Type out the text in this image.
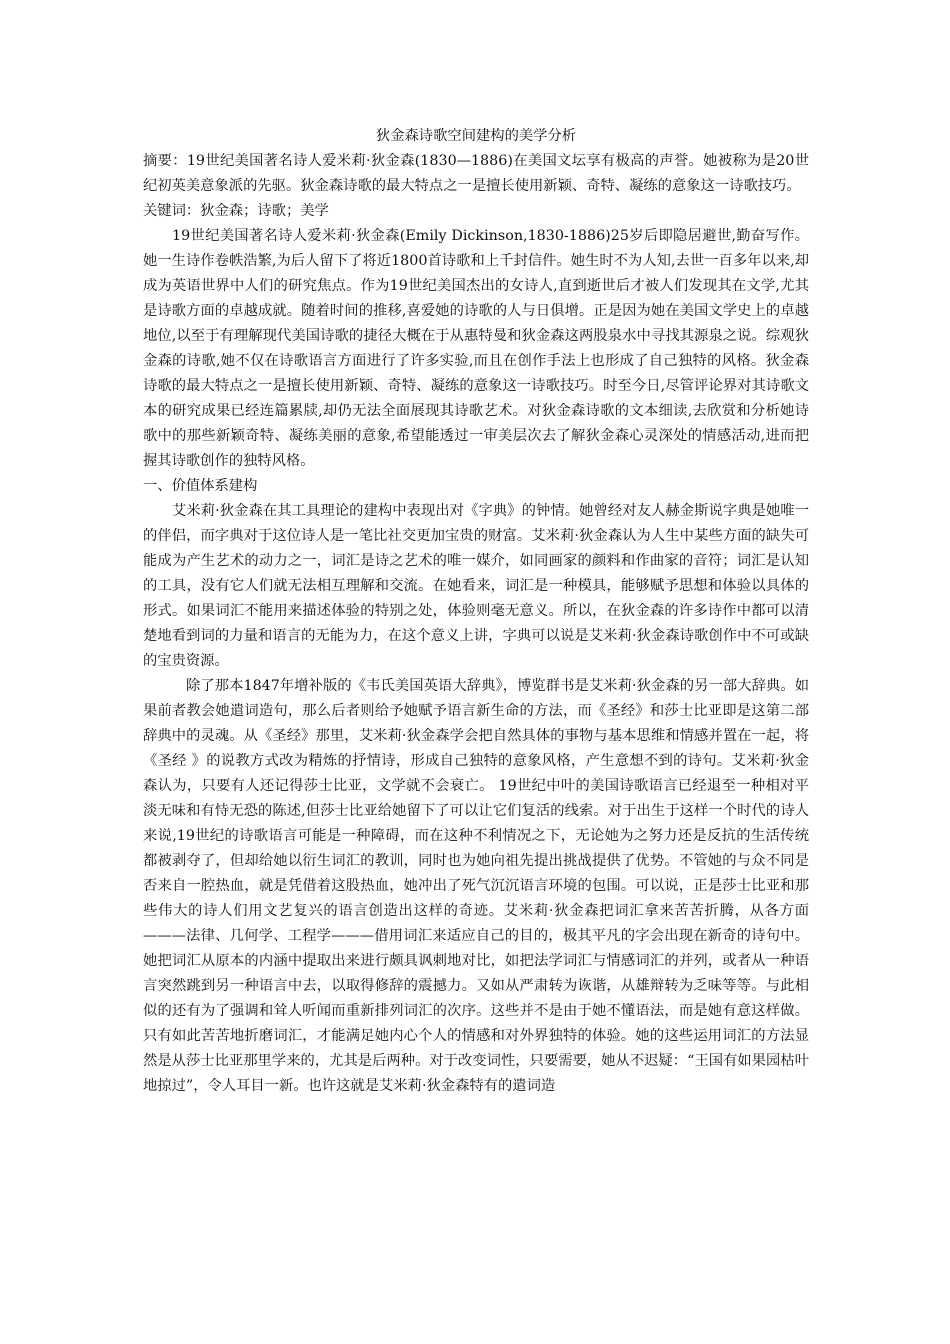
狄金森诗歌空间建构的美学分析

摘要：19世纪美国著名诗人爱米莉·狄金森(1830—1886)在美国文坛享有极高的声誉。她被称为是20世纪初英美意象派的先驱。狄金森诗歌的最大特点之一是擅长使用新颖、奇特、凝练的意象这一诗歌技巧。

关键词：狄金森；诗歌；美学

19世纪美国著名诗人爱米莉·狄金森(Emily Dickinson,1830-1886)25岁后即隐居避世,勤奋写作。她一生诗作卷帙浩繁,为后人留下了将近1800首诗歌和上千封信件。她生时不为人知,去世一百多年以来,却成为英语世界中人们的研究焦点。作为19世纪美国杰出的女诗人,直到逝世后才被人们发现其在文学,尤其是诗歌方面的卓越成就。随着时间的推移,喜爱她的诗歌的人与日俱增。正是因为她在美国文学史上的卓越地位,以至于有理解现代美国诗歌的捷径大概在于从惠特曼和狄金森这两股泉水中寻找其源泉之说。综观狄金森的诗歌,她不仅在诗歌语言方面进行了许多实验,而且在创作手法上也形成了自己独特的风格。狄金森诗歌的最大特点之一是擅长使用新颖、奇特、凝练的意象这一诗歌技巧。时至今日,尽管评论界对其诗歌文本的研究成果已经连篇累牍,却仍无法全面展现其诗歌艺术。对狄金森诗歌的文本细读,去欣赏和分析她诗歌中的那些新颖奇特、凝练美丽的意象,希望能透过一审美层次去了解狄金森心灵深处的情感活动,进而把握其诗歌创作的独特风格。

一、价值体系建构

艾米莉·狄金森在其工具理论的建构中表现出对《字典》的钟情。她曾经对友人赫金斯说字典是她唯一的伴侣，而字典对于这位诗人是一笔比社交更加宝贵的财富。艾米莉·狄金森认为人生中某些方面的缺失可能成为产生艺术的动力之一，词汇是诗之艺术的唯一媒介，如同画家的颜料和作曲家的音符；词汇是认知的工具，没有它人们就无法相互理解和交流。在她看来，词汇是一种模具，能够赋予思想和体验以具体的形式。如果词汇不能用来描述体验的特别之处，体验则毫无意义。所以，在狄金森的许多诗作中都可以清楚地看到词的力量和语言的无能为力，在这个意义上讲，字典可以说是艾米莉·狄金森诗歌创作中不可或缺的宝贵资源。

除了那本1847年增补版的《韦氏美国英语大辞典》，博览群书是艾米莉·狄金森的另一部大辞典。如果前者教会她遣词造句，那么后者则给予她赋予语言新生命的方法，而《圣经》和莎士比亚即是这第二部辞典中的灵魂。从《圣经》那里，艾米莉·狄金森学会把自然具体的事物与基本思维和情感并置在一起，将《圣经 》的说教方式改为精炼的抒情诗，形成自己独特的意象风格，产生意想不到的诗句。艾米莉·狄金森认为，只要有人还记得莎士比亚，文学就不会衰亡。 19世纪中叶的美国诗歌语言已经退至一种相对平淡无味和有恃无恐的陈述,但莎士比亚给她留下了可以让它们复活的线索。对于出生于这样一个时代的诗人来说,19世纪的诗歌语言可能是一种障碍，而在这种不利情况之下，无论她为之努力还是反抗的生活传统都被剥夺了，但却给她以衍生词汇的教训，同时也为她向祖先提出挑战提供了优势。不管她的与众不同是否来自一腔热血，就是凭借着这股热血，她冲出了死气沉沉语言环境的包围。可以说，正是莎士比亚和那些伟大的诗人们用文艺复兴的语言创造出这样的奇迹。艾米莉·狄金森把词汇拿来苦苦折腾，从各方面———法律、几何学、工程学———借用词汇来适应自己的目的，极其平凡的字会出现在新奇的诗句中。她把词汇从原本的内涵中提取出来进行颇具讽刺地对比，如把法学词汇与情感词汇的并列，或者从一种语言突然跳到另一种语言中去，以取得修辞的震撼力。又如从严肃转为诙谐，从雄辩转为乏味等等。与此相似的还有为了强调和耸人听闻而重新排列词汇的次序。这些并不是由于她不懂语法，而是她有意这样做。只有如此苦苦地折磨词汇，才能满足她内心个人的情感和对外界独特的体验。她的这些运用词汇的方法显然是从莎士比亚那里学来的，尤其是后两种。对于改变词性，只要需要，她从不迟疑：“王国有如果园枯叶地掠过”，令人耳目一新。也许这就是艾米莉·狄金森特有的遣词造
